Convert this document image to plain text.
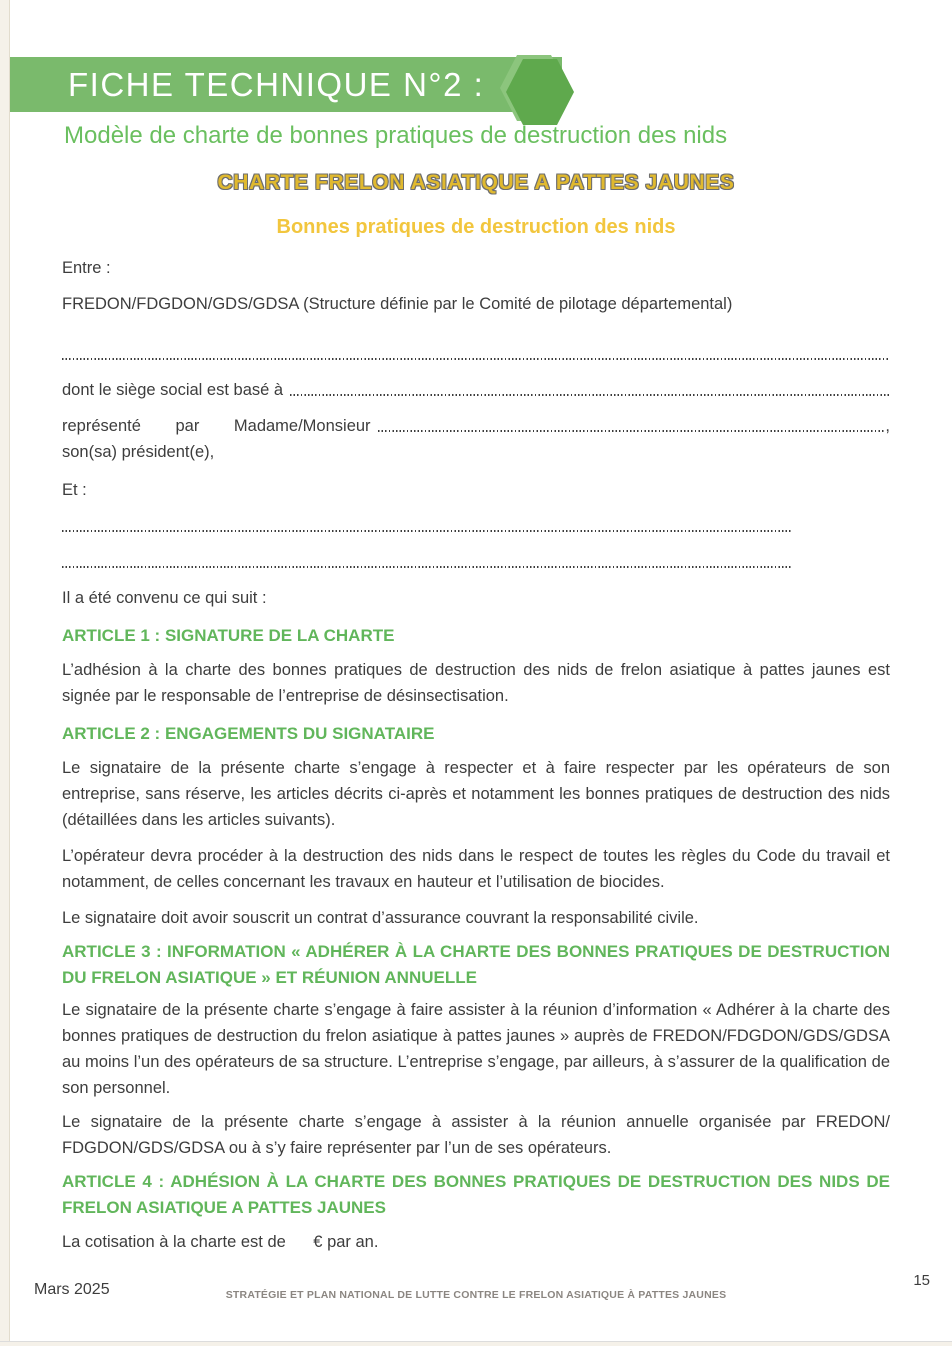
FICHE TECHNIQUE N°2 :
Modèle de charte de bonnes pratiques de destruction des nids
CHARTE FRELON ASIATIQUE A PATTES JAUNES
Bonnes pratiques de destruction des nids

Entre :

FREDON/FDGDON/GDS/GDSA (Structure définie par le Comité de pilotage départemental)

dont le siège social est basé à
représenté par Madame/Monsieur	,

son(sa) président(e),

Et :

Il a été convenu ce qui suit :

ARTICLE 1 : SIGNATURE DE LA CHARTE

L’adhésion à la charte des bonnes pratiques de destruction des nids de frelon asiatique à pattes jaunes est signée par le responsable de l’entreprise de désinsectisation.

ARTICLE 2 : ENGAGEMENTS DU SIGNATAIRE

Le signataire de la présente charte s’engage à respecter et à faire respecter par les opérateurs de son entreprise, sans réserve, les articles décrits ci-après et notamment les bonnes pratiques de destruction des nids (détaillées dans les articles suivants).

L’opérateur devra procéder à la destruction des nids dans le respect de toutes les règles du Code du travail et notamment, de celles concernant les travaux en hauteur et l’utilisation de biocides.

Le signataire doit avoir souscrit un contrat d’assurance couvrant la responsabilité civile.

ARTICLE 3 : INFORMATION « ADHÉRER À LA CHARTE DES BONNES PRATIQUES DE DESTRUCTION DU FRELON ASIATIQUE » ET RÉUNION ANNUELLE

Le signataire de la présente charte s’engage à faire assister à la réunion d’information « Adhérer à la charte des bonnes pratiques de destruction du frelon asiatique à pattes jaunes » auprès de FREDON/FDGDON/GDS/GDSA au moins l’un des opérateurs de sa structure. L’entreprise s’engage, par ailleurs, à s’assurer de la qualification de son personnel.

Le signataire de la présente charte s’engage à assister à la réunion annuelle organisée par FREDON/ FDGDON/GDS/GDSA ou à s’y faire représenter par l’un de ses opérateurs.

ARTICLE 4 : ADHÉSION À LA CHARTE DES BONNES PRATIQUES DE DESTRUCTION DES NIDS DE FRELON ASIATIQUE A PATTES JAUNES

La cotisation à la charte est de      € par an.

Mars 2025	STRATÉGIE ET PLAN NATIONAL DE LUTTE CONTRE LE FRELON ASIATIQUE À PATTES JAUNES
15
